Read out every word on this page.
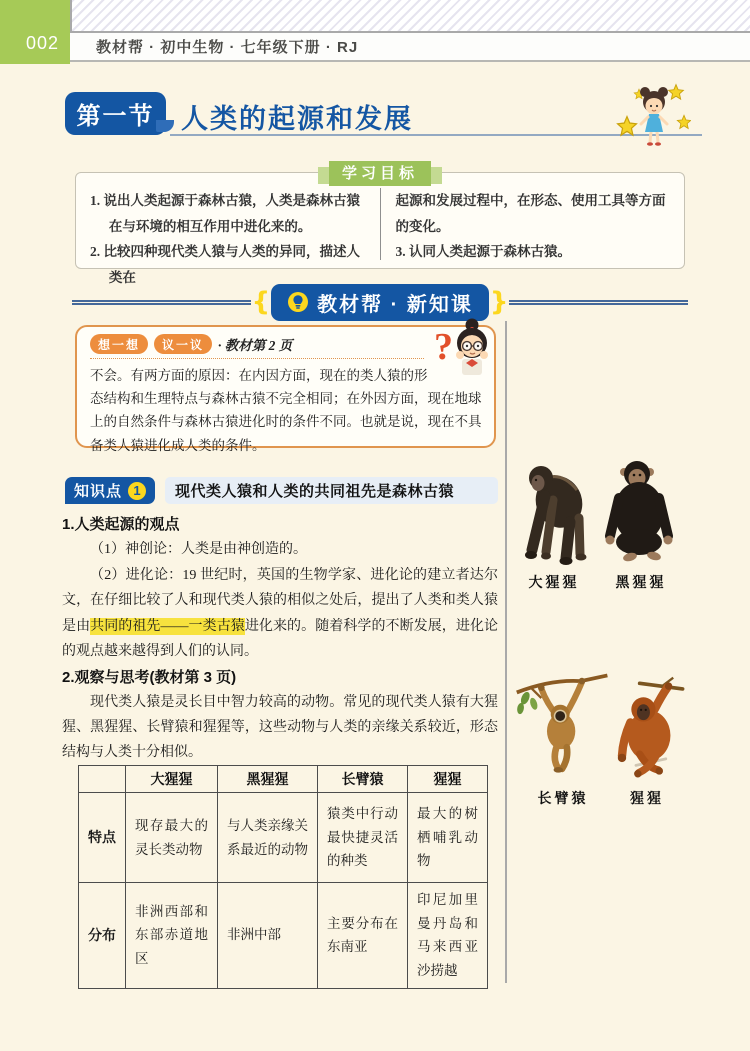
教材帮 · 初中生物 · 七年级下册 · RJ
002
第一节 人类的起源和发展
学习目标
1. 说出人类起源于森林古猿，人类是森林古猿在与环境的相互作用中进化来的。
2. 比较四种现代类人猿与人类的异同，描述人类在
起源和发展过程中，在形态、使用工具等方面的变化。
3. 认同人类起源于森林古猿。
{ 教材帮 · 新知课 }
?
想一想	议一议	· 教材第 2 页
不会。有两方面的原因：在内因方面，现在的类人猿的形态结构和生理特点与森林古猿不完全相同；在外因方面，现在地球上的自然条件与森林古猿进化时的条件不同。也就是说，现在不具备类人猿进化成人类的条件。
知识点 1	现代类人猿和人类的共同祖先是森林古猿
1.人类起源的观点

（1）神创论：人类是由神创造的。

（2）进化论：19 世纪时，英国的生物学家、进化论的建立者达尔文，在仔细比较了人和现代类人猿的相似之处后，提出了人类和类人猿是由共同的祖先——一类古猿进化来的。随着科学的不断发展，进化论的观点越来越得到人们的认同。

2.观察与思考(教材第 3 页)

现代类人猿是灵长目中智力较高的动物。常见的现代类人猿有大猩猩、黑猩猩、长臂猿和猩猩等，这些动物与人类的亲缘关系较近，形态结构与人类十分相似。

	大猩猩	黑猩猩	长臂猿	猩猩
特点	现存最大的灵长类动物	与人类亲缘关系最近的动物	猿类中行动最快捷灵活的种类	最大的树栖哺乳动物
分布	非洲西部和东部赤道地区	非洲中部	主要分布在东南亚	印尼加里曼丹岛和马来西亚沙捞越
大猩猩	黑猩猩
长臂猿	猩猩
